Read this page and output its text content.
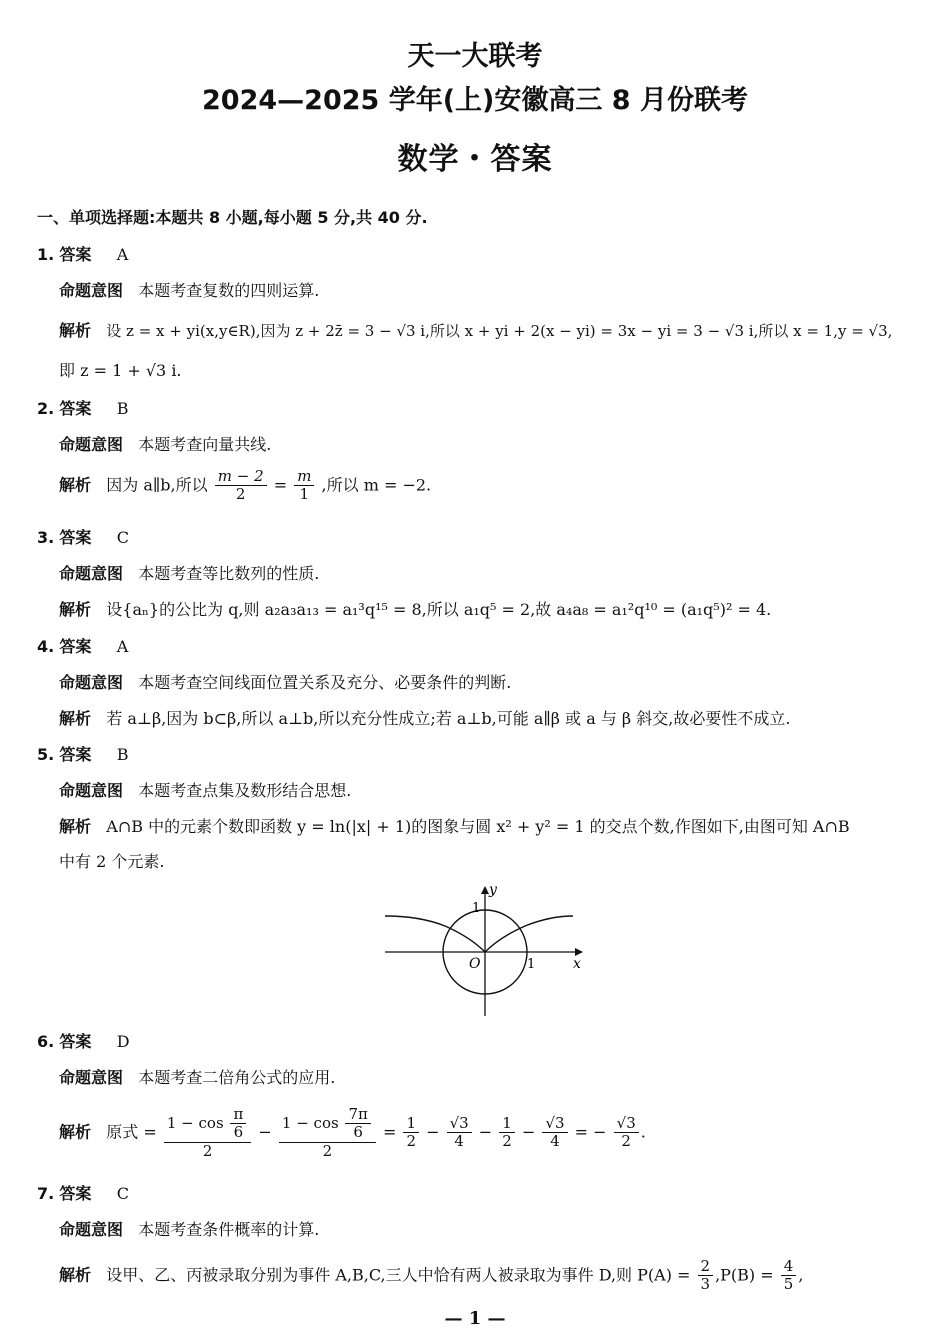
天一大联考
2024—2025 学年(上)安徽高三 8 月份联考
数学・答案
一、单项选择题:本题共 8 小题,每小题 5 分,共 40 分.
1. 答案 A
命题意图 本题考查复数的四则运算.
解析 设 z = x + yi(x,y∈R),因为 z + 2z̄ = 3 − √3 i,所以 x + yi + 2(x − yi) = 3x − yi = 3 − √3 i,所以 x = 1,y = √3,
即 z = 1 + √3 i.
2. 答案 B
命题意图 本题考查向量共线.
解析 因为 a∥b,所以 $\frac{m - 2}{2} = \frac{m}{1}$ ,所以 m = −2.
3. 答案 C
命题意图 本题考查等比数列的性质.
解析 设{aₙ}的公比为 q,则 a₂a₃a₁₃ = a₁³q¹⁵ = 8,所以 a₁q⁵ = 2,故 a₄a₈ = a₁²q¹⁰ = (a₁q⁵)² = 4.
4. 答案 A
命题意图 本题考查空间线面位置关系及充分、必要条件的判断.
解析 若 a⊥β,因为 b⊂β,所以 a⊥b,所以充分性成立;若 a⊥b,可能 a∥β 或 a 与 β 斜交,故必要性不成立.
5. 答案 B
命题意图 本题考查点集及数形结合思想.
解析 A∩B 中的元素个数即函数 y = ln(|x| + 1)的图象与圆 x² + y² = 1 的交点个数,作图如下,由图可知 A∩B
中有 2 个元素.
y
x
O	1
1
6. 答案 D
命题意图 本题考查二倍角公式的应用.
解析 原式 = $\frac{1 - \cos \frac{\pi}{6}}{2} - \frac{1 - \cos \frac{7\pi}{6}}{2} = \frac{1}{2} - \frac{√3}{4} - \frac{1}{2} - \frac{√3}{4}$ = − $\frac{√3}{2}$ .
7. 答案 C
命题意图 本题考查条件概率的计算.
解析 设甲、乙、丙被录取分别为事件 A,B,C,三人中恰有两人被录取为事件 D,则 $P(A) = \frac{2}{3} ,P(B) = \frac{4}{5}$ ,
— 1 —
